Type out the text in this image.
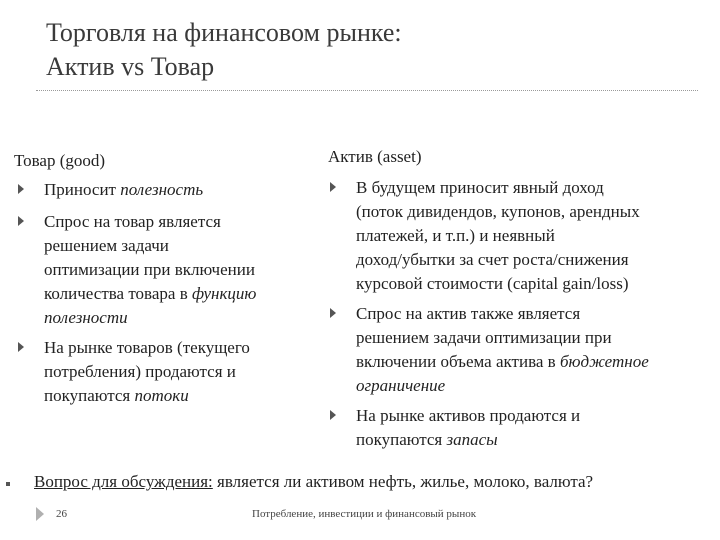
Торговля на финансовом рынке:
Актив vs Товар
Товар (good)
Приносит полезность
Спрос на товар является
решением задачи
оптимизации при включении
количества товара в функцию
полезности
На рынке товаров (текущего
потребления) продаются и
покупаются потоки
Актив (asset)
В будущем приносит явный доход
(поток дивидендов, купонов, арендных
платежей, и т.п.) и неявный
доход/убытки за счет роста/снижения
курсовой стоимости (capital gain/loss)
Спрос на актив также является
решением задачи оптимизации при
включении объема актива в бюджетное
ограничение
На рынке активов продаются и
покупаются запасы
Вопрос для обсуждения: является ли активом нефть, жилье, молоко, валюта?
26	Потребление, инвестиции и финансовый рынок
